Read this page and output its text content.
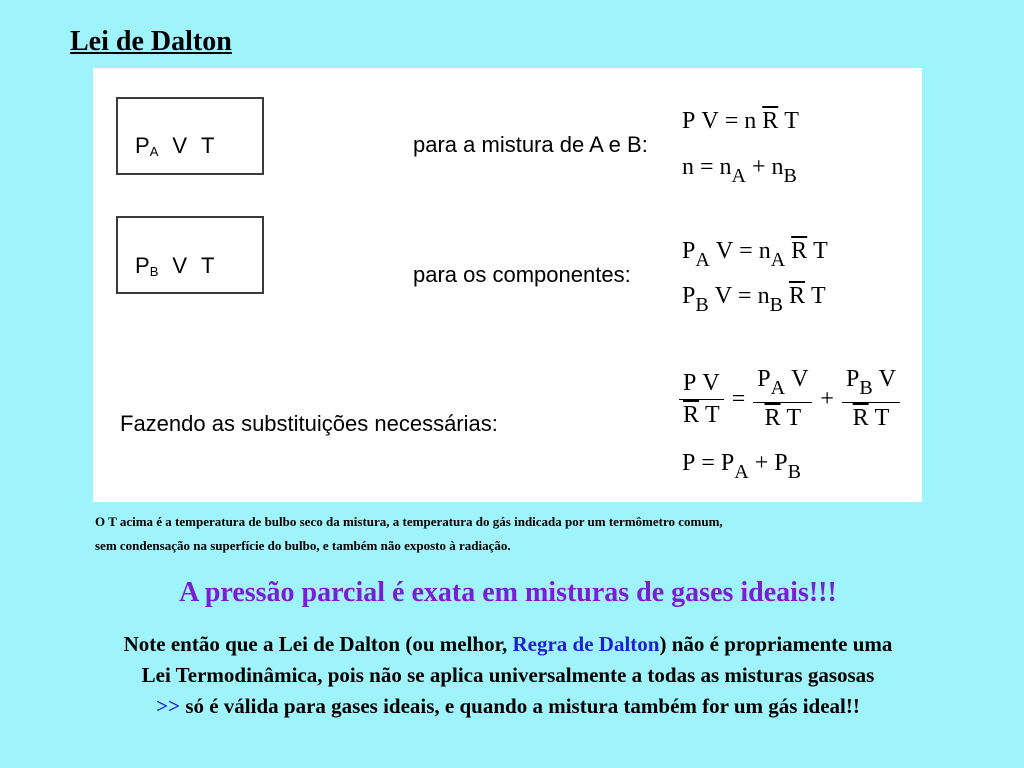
Lei de Dalton
PA V T
PB V T
para a mistura de A e B:
para os componentes:
Fazendo as substituições necessárias:
P V = n $\overline{R}$ T
$n = n_A + n_B$
$P_A$ $V = n_A$ $\overline{R}$ T
$P_B$ $V = n_B$ $\overline{R}$ T
$\frac{\text{P V}}{\overline{R} T} = \frac{P_A V}{\overline{R} T} + \frac{P_B V}{\overline{R} T}$
$P = P_A + P_B$
O T acima é a temperatura de bulbo seco da mistura, a temperatura do gás indicada por um termômetro comum,
sem condensação na superfície do bulbo, e também não exposto à radiação.
A pressão parcial é exata em misturas de gases ideais!!!
Note então que a Lei de Dalton (ou melhor, Regra de Dalton) não é propriamente uma
Lei Termodinâmica, pois não se aplica universalmente a todas as misturas gasosas
>> só é válida para gases ideais, e quando a mistura também for um gás ideal!!
